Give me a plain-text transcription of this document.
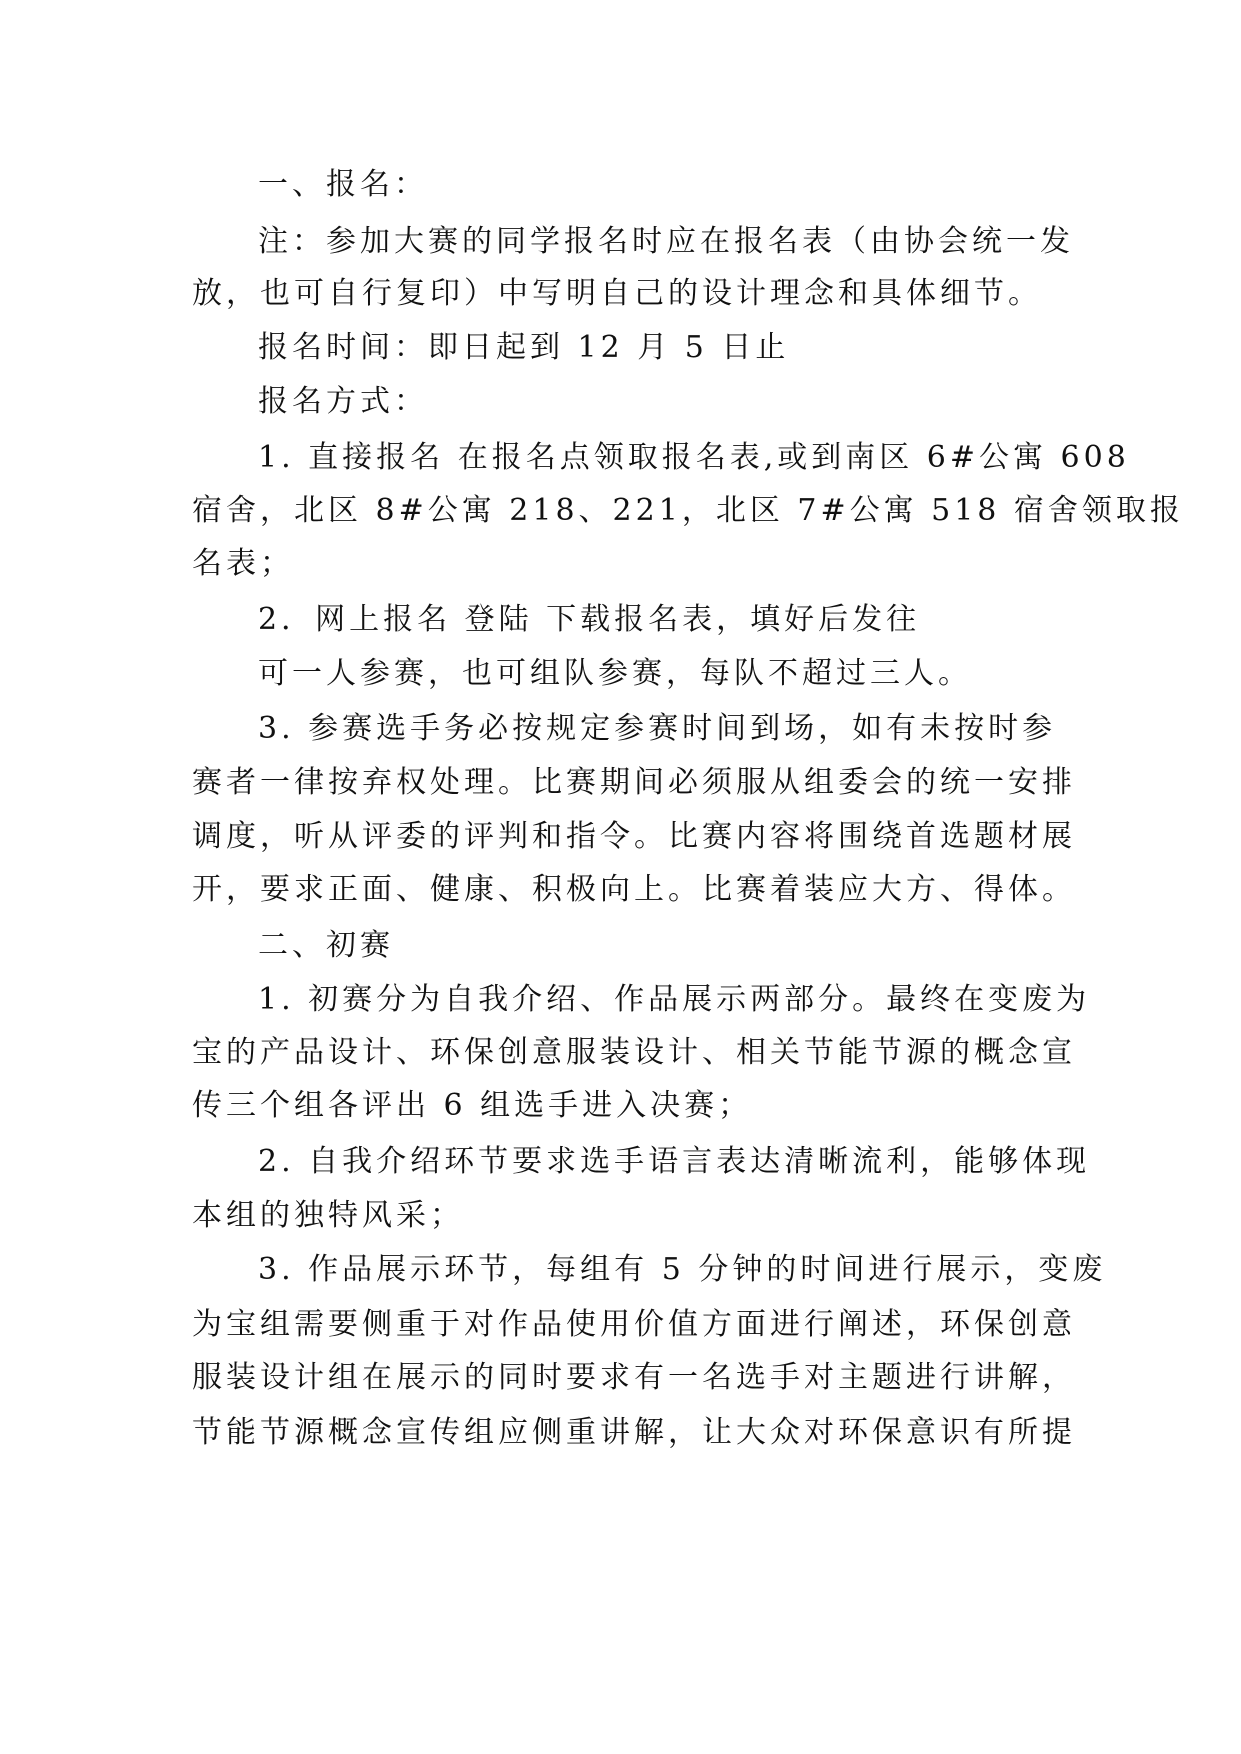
一、报名：
注：参加大赛的同学报名时应在报名表（由协会统一发
放，也可自行复印）中写明自己的设计理念和具体细节。
报名时间：即日起到 12 月 5 日止
报名方式：
1. 直接报名 在报名点领取报名表,或到南区 6#公寓 608
宿舍，北区 8#公寓 218、221，北区 7#公寓 518 宿舍领取报
名表；
2．网上报名 登陆 下载报名表，填好后发往
可一人参赛，也可组队参赛，每队不超过三人。
3. 参赛选手务必按规定参赛时间到场，如有未按时参
赛者一律按弃权处理。比赛期间必须服从组委会的统一安排
调度，听从评委的评判和指令。比赛内容将围绕首选题材展
开，要求正面、健康、积极向上。比赛着装应大方、得体。
二、初赛
1. 初赛分为自我介绍、作品展示两部分。最终在变废为
宝的产品设计、环保创意服装设计、相关节能节源的概念宣
传三个组各评出 6 组选手进入决赛；
2. 自我介绍环节要求选手语言表达清晰流利，能够体现
本组的独特风采；
3. 作品展示环节，每组有 5 分钟的时间进行展示，变废
为宝组需要侧重于对作品使用价值方面进行阐述，环保创意
服装设计组在展示的同时要求有一名选手对主题进行讲解，
节能节源概念宣传组应侧重讲解，让大众对环保意识有所提
